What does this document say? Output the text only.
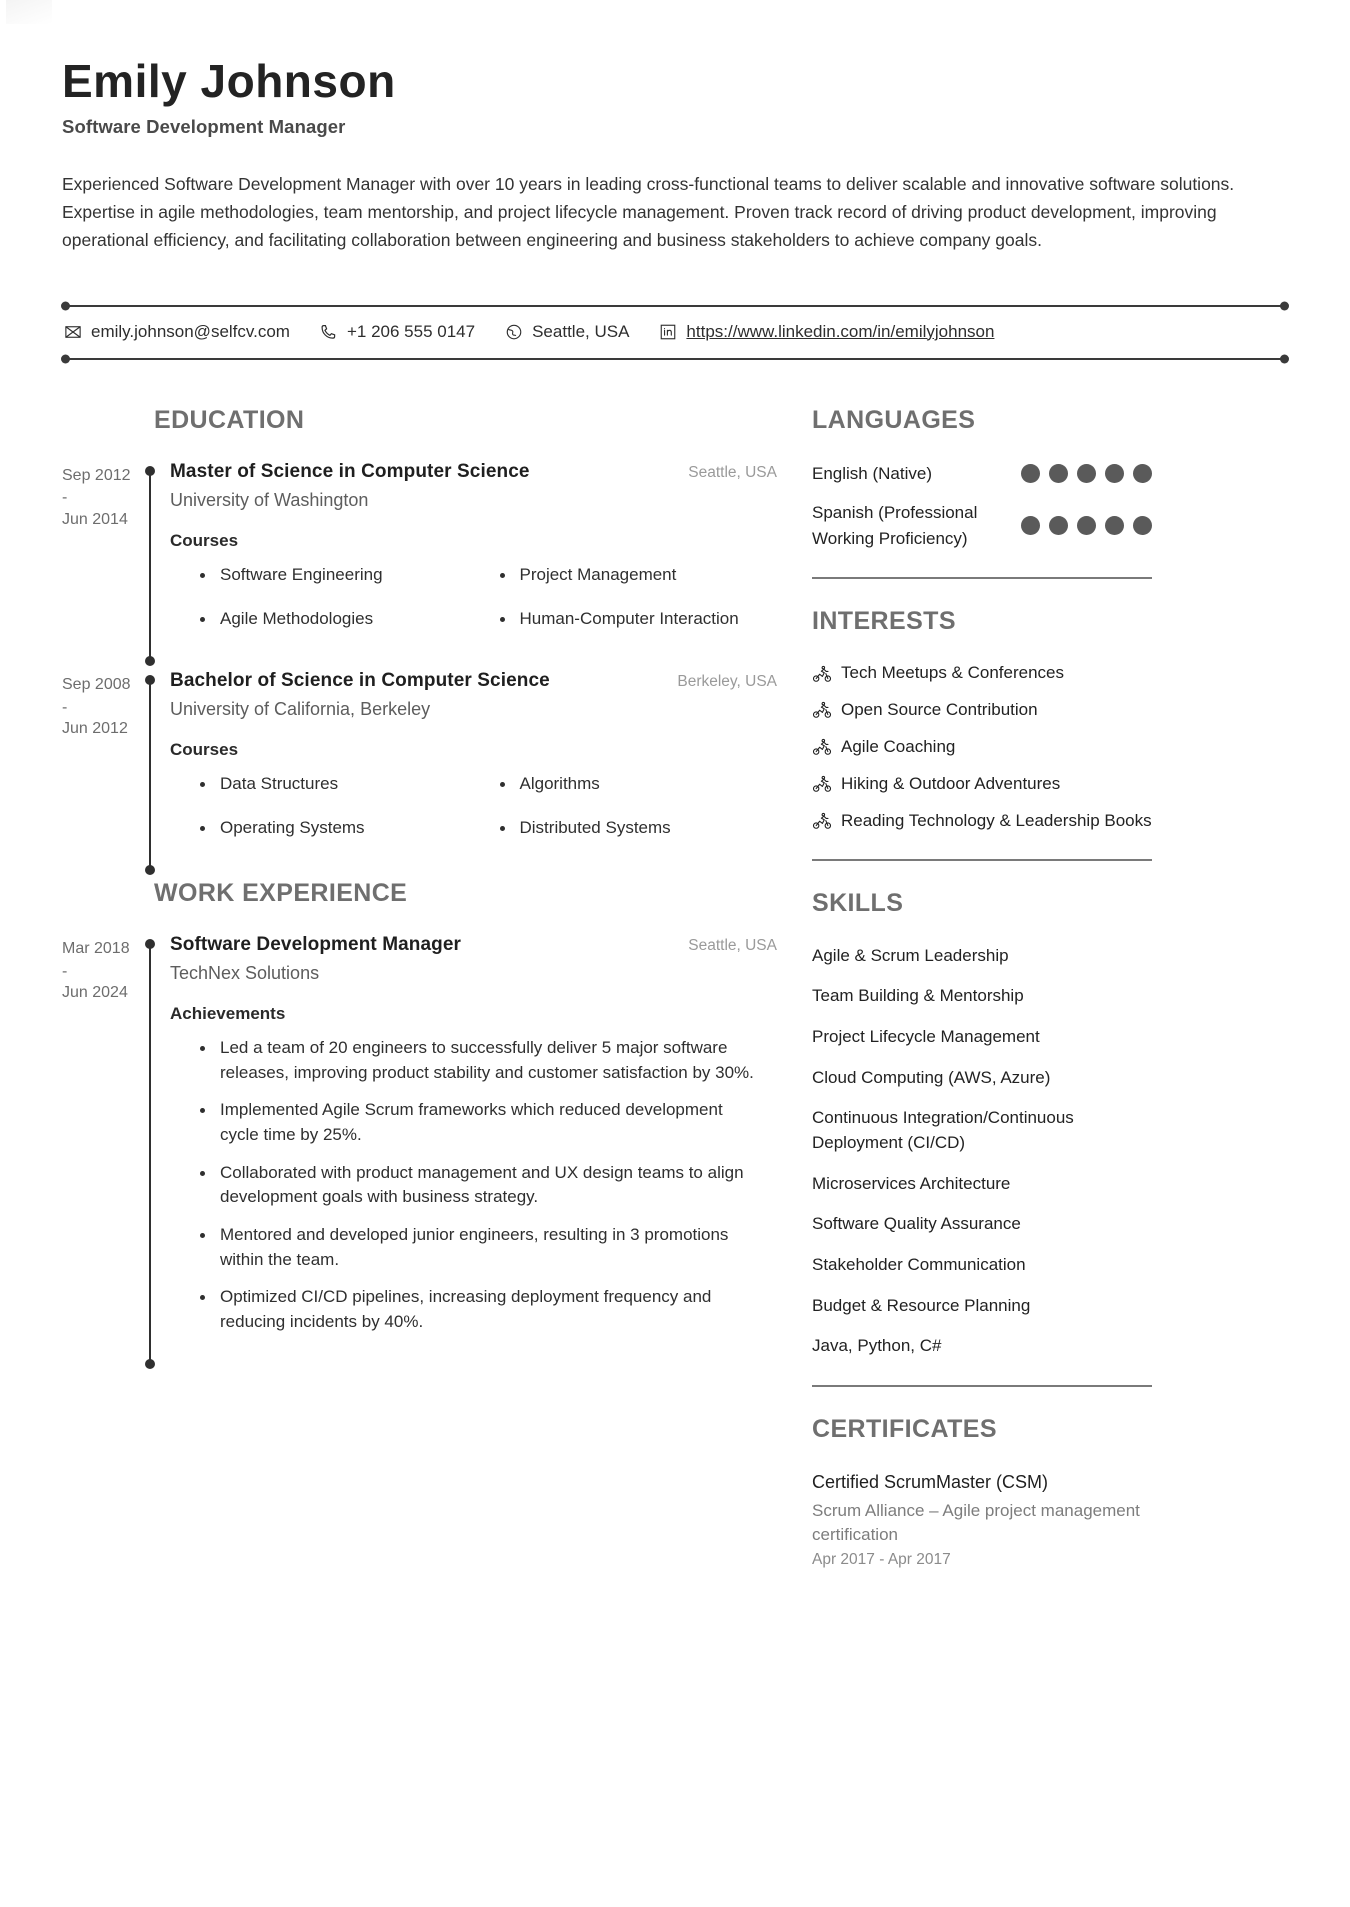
Emily Johnson
Software Development Manager

Experienced Software Development Manager with over 10 years in leading cross-functional teams to deliver scalable and innovative software solutions. Expertise in agile methodologies, team mentorship, and project lifecycle management. Proven track record of driving product development, improving operational efficiency, and facilitating collaboration between engineering and business stakeholders to achieve company goals.

emily.johnson@selfcv.com	+1 206 555 0147	Seattle, USA	https://www.linkedin.com/in/emilyjohnson
EDUCATION
Sep 2012
-
Jun 2014
Master of Science in Computer Science	Seattle, USA
University of Washington
Courses
Software Engineering	Project Management
Agile Methodologies	Human-Computer Interaction
Sep 2008
-
Jun 2012
Bachelor of Science in Computer Science	Berkeley, USA
University of California, Berkeley
Courses
Data Structures	Algorithms
Operating Systems	Distributed Systems
WORK EXPERIENCE
Mar 2018
-
Jun 2024
Software Development Manager	Seattle, USA
TechNex Solutions
Achievements
Led a team of 20 engineers to successfully deliver 5 major software releases, improving product stability and customer satisfaction by 30%.
Implemented Agile Scrum frameworks which reduced development cycle time by 25%.
Collaborated with product management and UX design teams to align development goals with business strategy.
Mentored and developed junior engineers, resulting in 3 promotions within the team.
Optimized CI/CD pipelines, increasing deployment frequency and reducing incidents by 40%.
LANGUAGES
English (Native)
Spanish (Professional Working Proficiency)
INTERESTS
Tech Meetups & Conferences
Open Source Contribution
Agile Coaching
Hiking & Outdoor Adventures
Reading Technology & Leadership Books
SKILLS
Agile & Scrum Leadership
Team Building & Mentorship
Project Lifecycle Management
Cloud Computing (AWS, Azure)
Continuous Integration/Continuous Deployment (CI/CD)
Microservices Architecture
Software Quality Assurance
Stakeholder Communication
Budget & Resource Planning
Java, Python, C#
CERTIFICATES
Certified ScrumMaster (CSM)
Scrum Alliance – Agile project management certification
Apr 2017 - Apr 2017
